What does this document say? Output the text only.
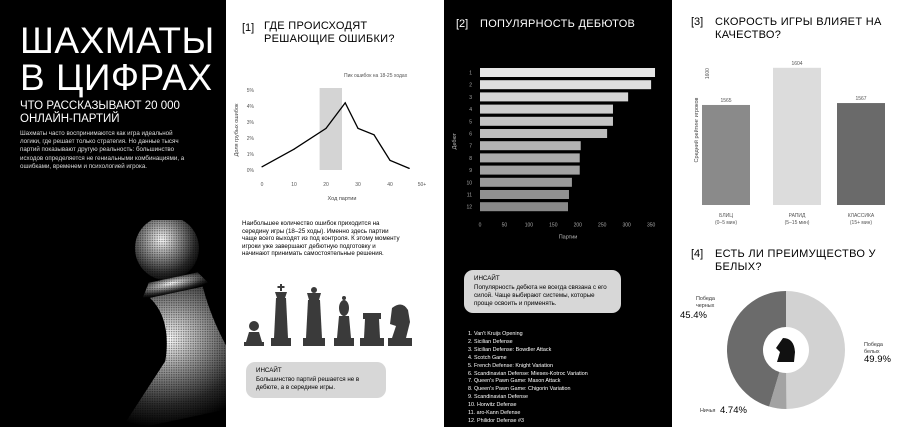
ШАХМАТЫ
В ЦИФРАХ
ЧТО РАССКАЗЫВАЮТ 20 000 ОНЛАЙН-ПАРТИЙ
Шахматы часто воспринимаются как игра идеальной логики, где решает только стратегия. Но данные тысяч партий показывают другую реальность: большинство исходов определяется не гениальными комбинациями, а ошибками, временем и психологией игрока.
[1] ГДЕ ПРОИСХОДЯТ РЕШАЮЩИЕ ОШИБКИ?
Пик ошибок на 18-25 ходах
0%
1%
2%
3%
4%
5%
0	10	20	30	40	50+
Ход партии
Доля грубых ошибок
Наибольшее количество ошибок приходится на середину игры (18–25 ходы). Именно здесь партии чаще всего выходят из под контроля. К этому моменту игроки уже завершают дебютную подготовку и начинают принимать самостоятельные решения.
ИНСАЙТ
Большинство партий решается не в дебюте, а в середине игры.
[2] ПОПУЛЯРНОСТЬ ДЕБЮТОВ
1
2
3
4
5
6
7
8
9
10
11
12
0	50	100	150	200	250	300	350
Партии
Дебют
ИНСАЙТ
Популярность дебюта не всегда связана с его силой. Чаще выбирают системы, которые проще освоить и применять.
1. Van't Kruijs Opening
2. Sicilian Defense
3. Sicilian Defense: Bowdler Attack
4. Scotch Game
5. French Defense: Knight Variation
6. Scandinavian Defense: Mieses-Kotroc Variation
7. Queen's Pawn Game: Mason Attack
8. Queen's Pawn Game: Chigorin Variation
9. Scandinavian Defense
10. Horwitz Defense
11. aro-Kann Defense
12. Philidor Defense #3
[3] СКОРОСТЬ ИГРЫ ВЛИЯЕТ НА КАЧЕСТВО?
1600
Средний рейтинг игроков	1565
БЛИЦ
(0–5 мин)
1604
РАПИД
(5–15 мин)
1567
КЛАССИКА
(15+ мин)
[4] ЕСТЬ ЛИ ПРЕИМУЩЕСТВО У БЕЛЫХ?
Победа черных
45.4%
Победа белых
49.9%
Ничья 4.74%
